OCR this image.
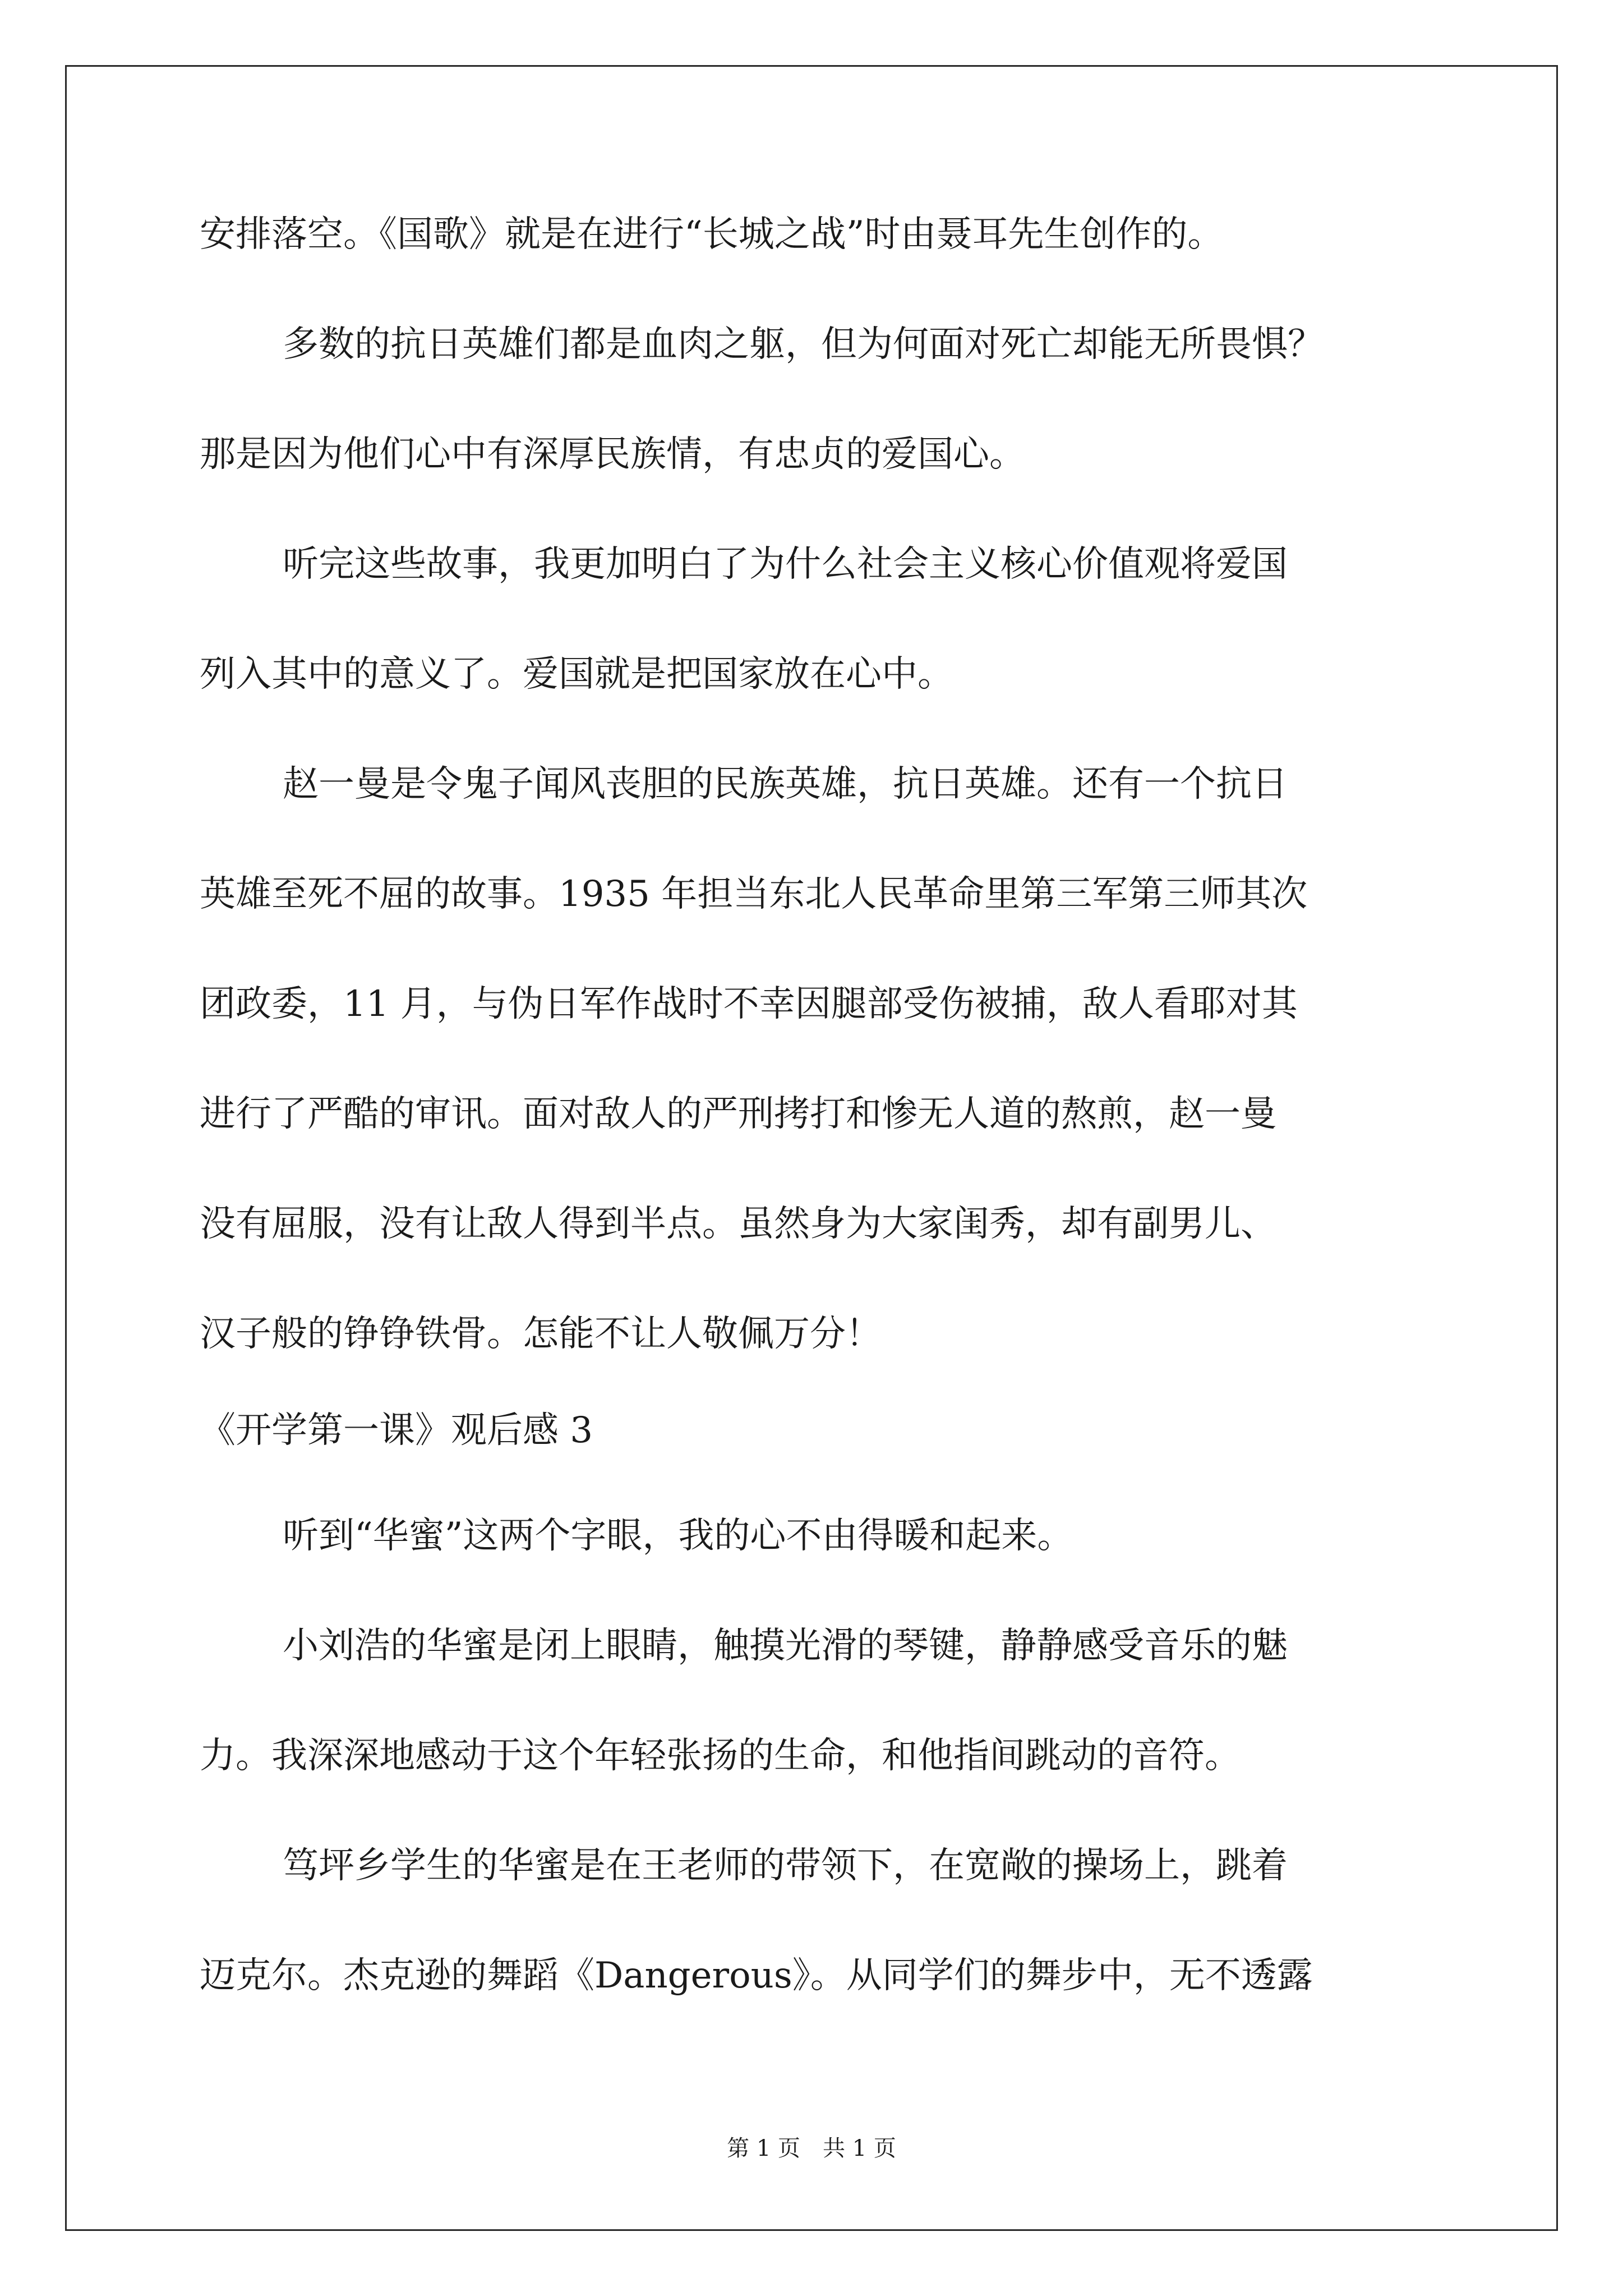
安排落空。《国歌》就是在进行“长城之战”时由聂耳先生创作的。
多数的抗日英雄们都是血肉之躯，但为何面对死亡却能无所畏惧？
那是因为他们心中有深厚民族情，有忠贞的爱国心。
听完这些故事，我更加明白了为什么社会主义核心价值观将爱国
列入其中的意义了。爱国就是把国家放在心中。
赵一曼是令鬼子闻风丧胆的民族英雄，抗日英雄。还有一个抗日
英雄至死不屈的故事。1935 年担当东北人民革命里第三军第三师其次
团政委，11 月，与伪日军作战时不幸因腿部受伤被捕，敌人看耶对其
进行了严酷的审讯。面对敌人的严刑拷打和惨无人道的熬煎，赵一曼
没有屈服，没有让敌人得到半点。虽然身为大家闺秀，却有副男儿、
汉子般的铮铮铁骨。怎能不让人敬佩万分！
《开学第一课》观后感 3
听到“华蜜”这两个字眼，我的心不由得暖和起来。
小刘浩的华蜜是闭上眼睛，触摸光滑的琴键，静静感受音乐的魅
力。我深深地感动于这个年轻张扬的生命，和他指间跳动的音符。
笃坪乡学生的华蜜是在王老师的带领下，在宽敞的操场上，跳着
迈克尔。杰克逊的舞蹈《Dangerous》。从同学们的舞步中，无不透露
第 1 页 共 1 页
